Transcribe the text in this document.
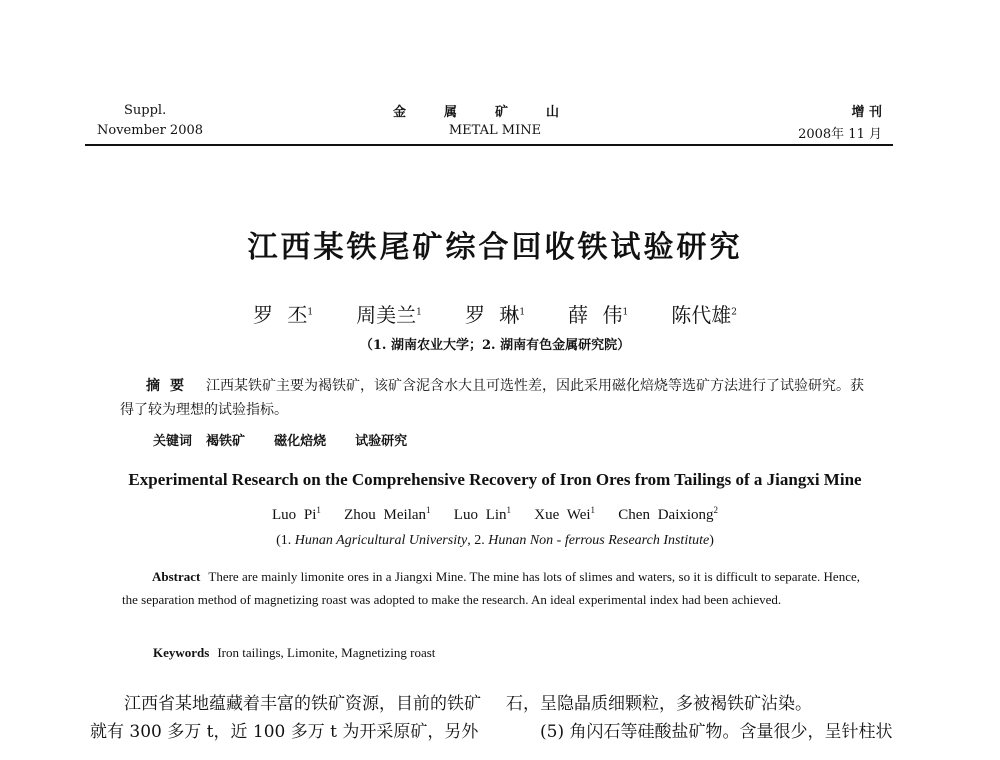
Suppl.
November 2008
金属矿山
METAL MINE
增 刊
2008年 11 月
江西某铁尾矿综合回收铁试验研究
罗 丕$^1$ 周美兰$^1$ 罗 琳$^1$ 薛 伟$^1$ 陈代雄$^2$
（1. 湖南农业大学；2. 湖南有色金属研究院）
摘要 江西某铁矿主要为褐铁矿，该矿含泥含水大且可选性差，因此采用磁化焙烧等选矿方法进行了试验研究。获得了较为理想的试验指标。
关键词 褐铁矿  磁化焙烧  试验研究
Experimental Research on the Comprehensive Recovery of Iron Ores from Tailings of a Jiangxi Mine
Luo Pi$^1$ Zhou Meilan$^1$ Luo Lin$^1$ Xue Wei$^1$ Chen Daixiong$^2$
(1. Hunan Agricultural University, 2. Hunan Non - ferrous Research Institute)
Abstract There are mainly limonite ores in a Jiangxi Mine. The mine has lots of slimes and waters, so it is difficult to separate. Hence, the separation method of magnetizing roast was adopted to make the research. An ideal experimental index had been achieved.
Keywords Iron tailings, Limonite, Magnetizing roast
江西省某地蕴藏着丰富的铁矿资源，目前的铁矿就有 300 多万 t，近 100 多万 t 为开采原矿，另外
石，呈隐晶质细颗粒，多被褐铁矿沾染。
(5) 角闪石等硅酸盐矿物。含量很少，呈针柱状
